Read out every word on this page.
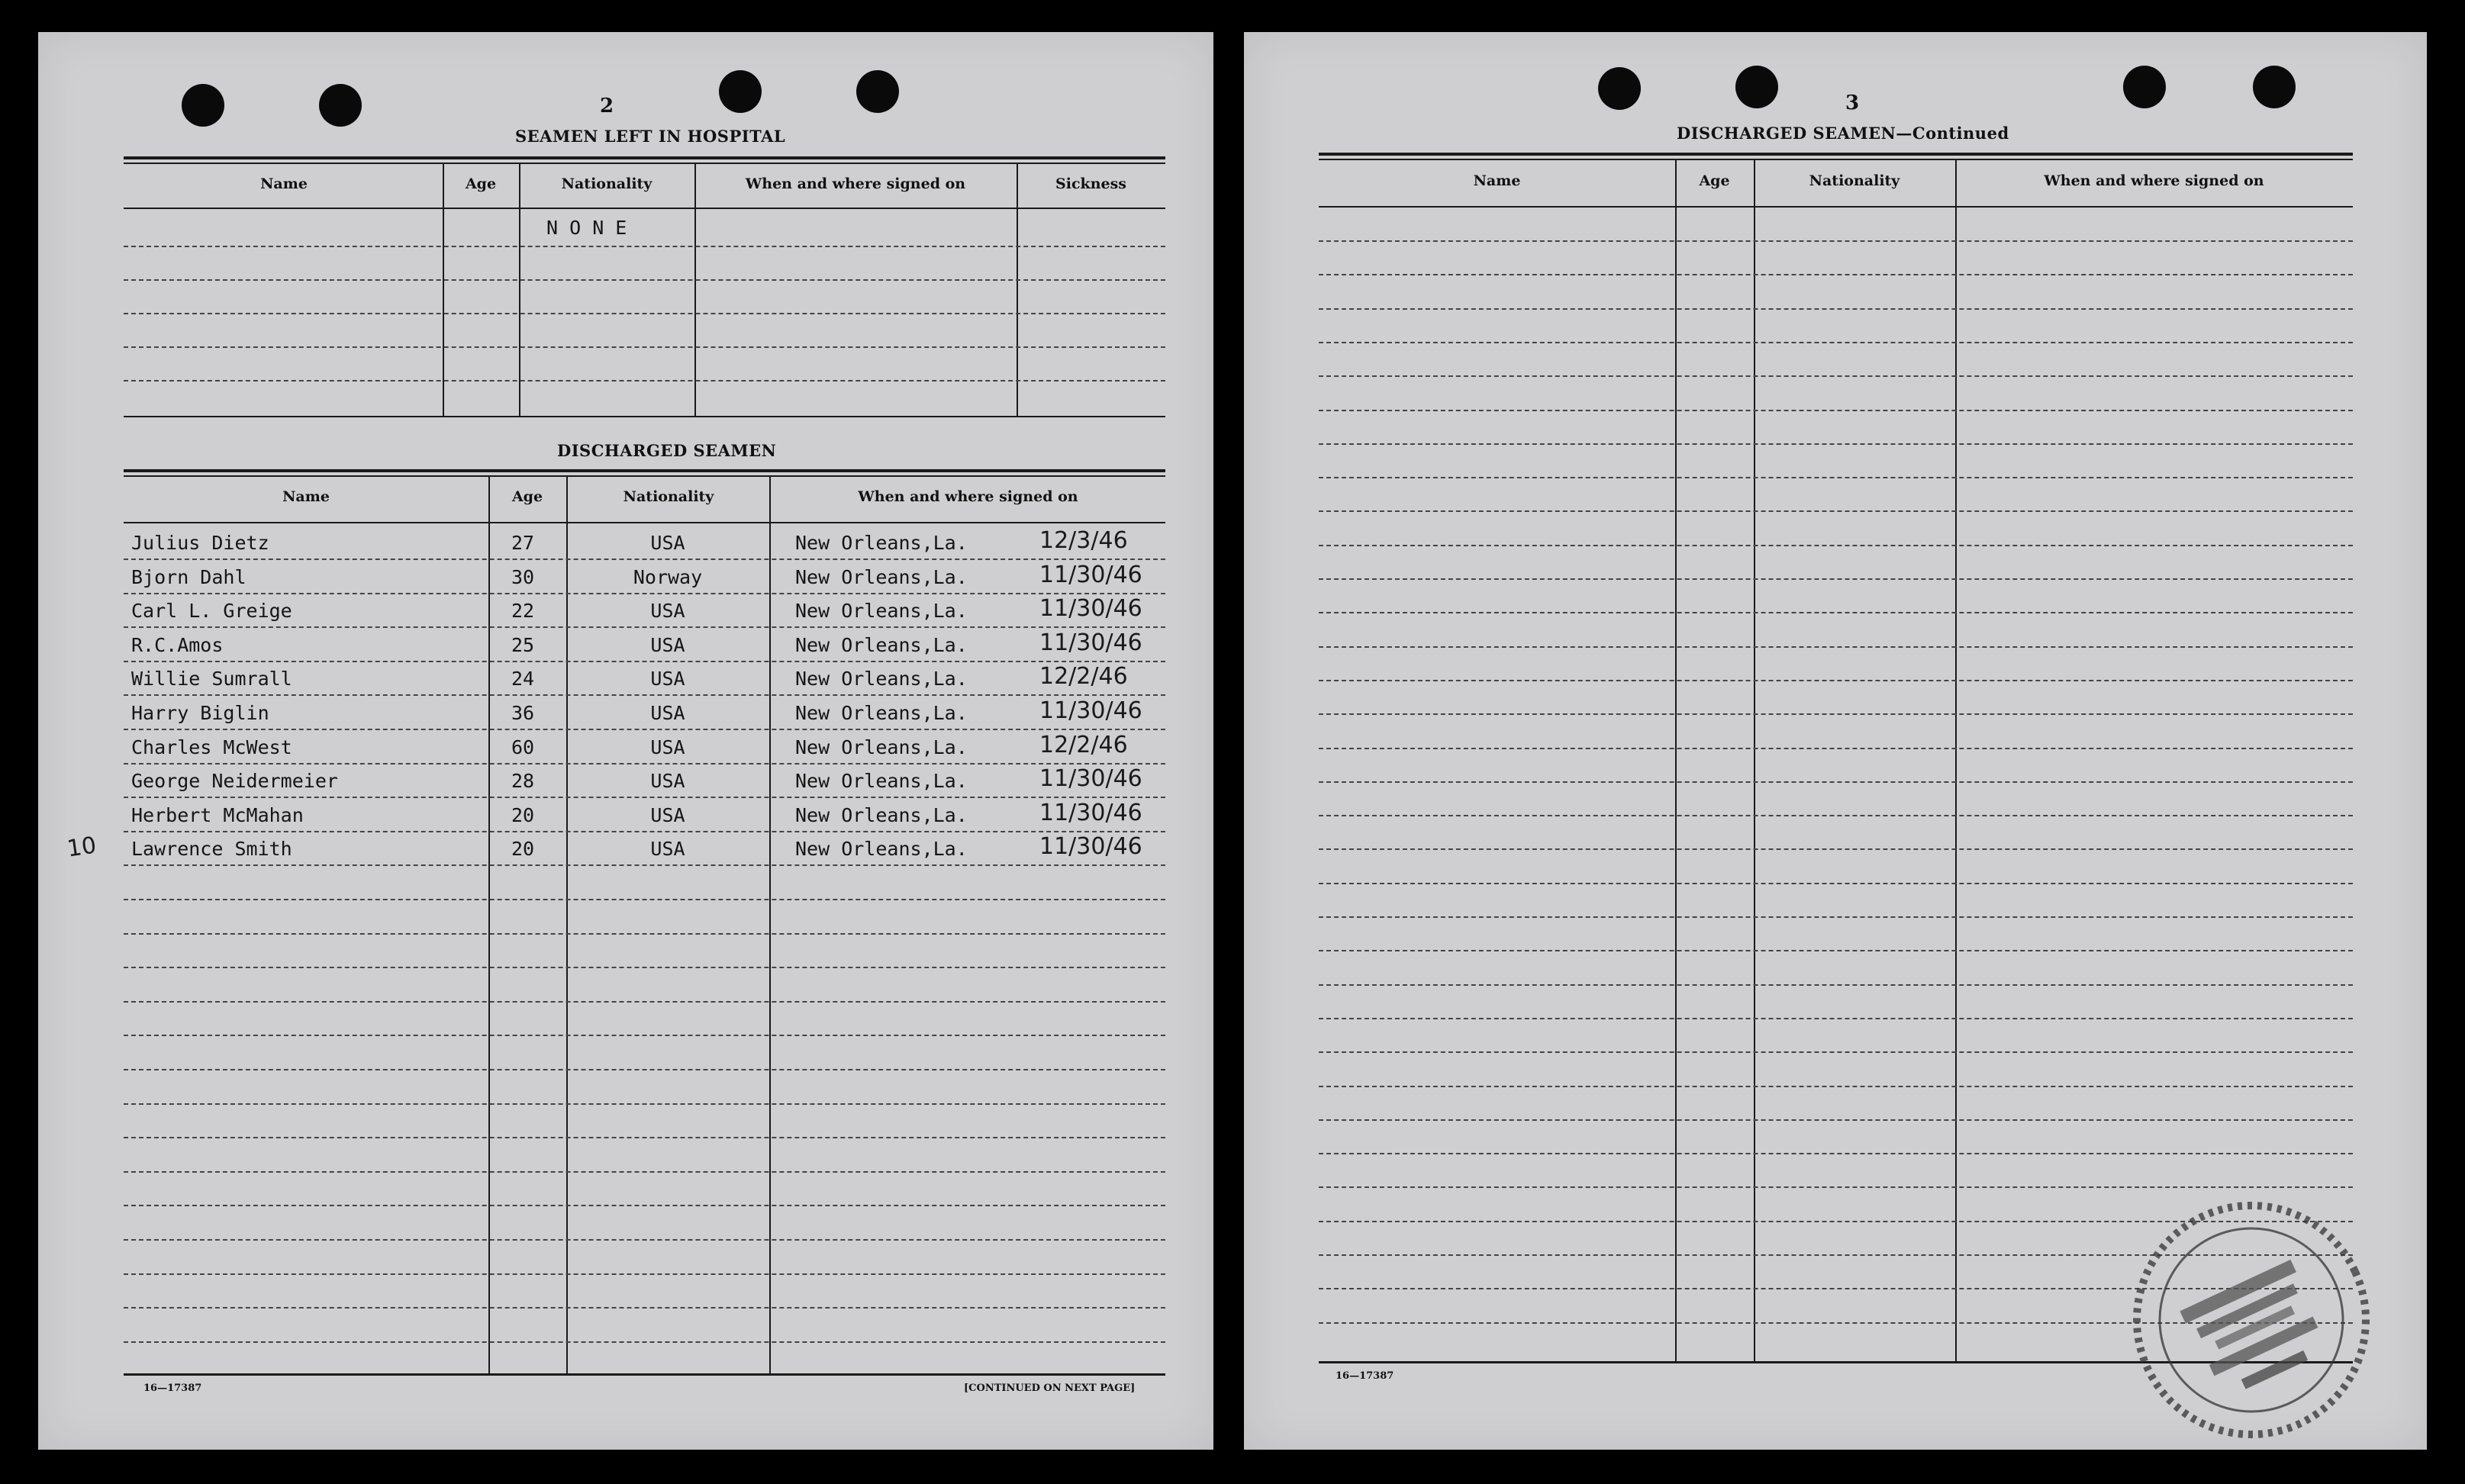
2
SEAMEN LEFT IN HOSPITAL
Name	Age	Nationality	When and where signed on	Sickness
N O N E
DISCHARGED SEAMEN
Name	Age	Nationality	When and where signed on
Julius Dietz	27	USA	New Orleans,La.	12/3/46
Bjorn Dahl	30	Norway	New Orleans,La.	11/30/46
Carl L. Greige	22	USA	New Orleans,La.	11/30/46
R.C.Amos	25	USA	New Orleans,La.	11/30/46
Willie Sumrall	24	USA	New Orleans,La.	12/2/46
Harry Biglin	36	USA	New Orleans,La.	11/30/46
Charles McWest	60	USA	New Orleans,La.	12/2/46
George Neidermeier	28	USA	New Orleans,La.	11/30/46
Herbert McMahan	20	USA	New Orleans,La.	11/30/46
Lawrence Smith	20	USA	New Orleans,La.	11/30/46
10
16—17387	[CONTINUED ON NEXT PAGE]
3
DISCHARGED SEAMEN—Continued
Name	Age	Nationality	When and where signed on
16—17387
